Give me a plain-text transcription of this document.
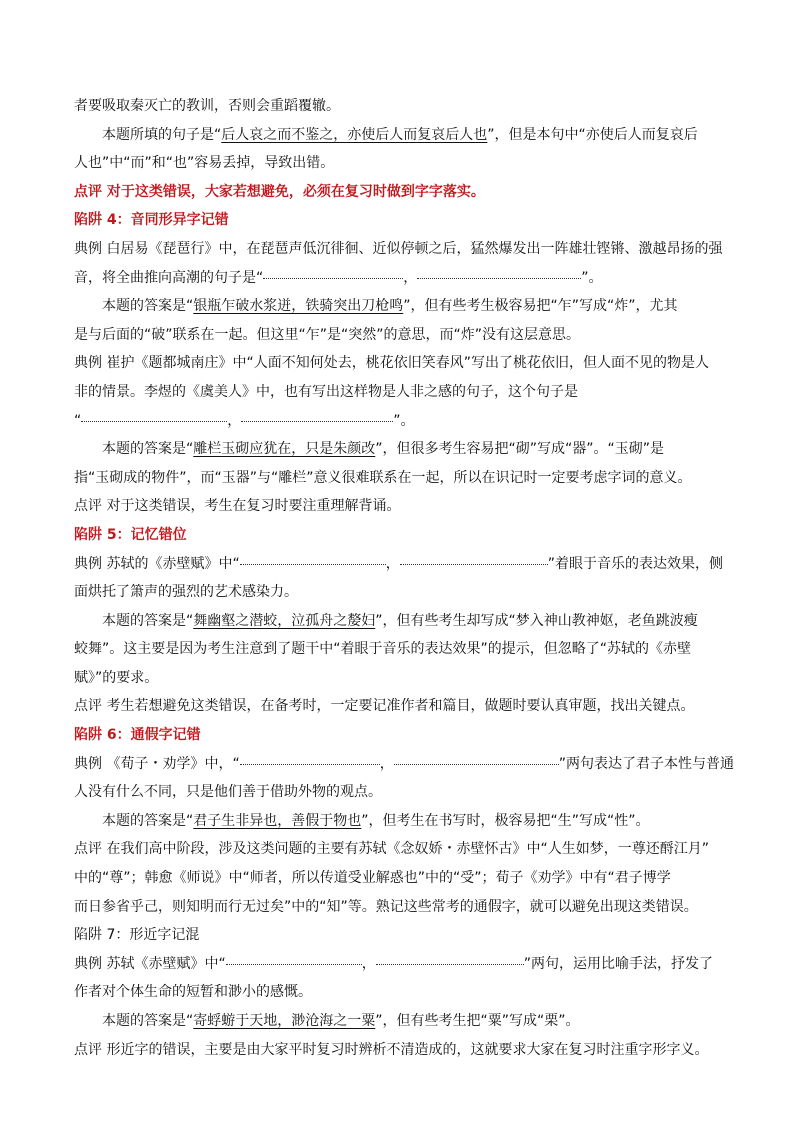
者要吸取秦灭亡的教训，否则会重蹈覆辙。
本题所填的句子是“后人哀之而不鉴之，亦使后人而复哀后人也”，但是本句中“亦使后人而复哀后
人也”中“而”和“也”容易丢掉，导致出错。
点评 对于这类错误，大家若想避免，必须在复习时做到字字落实。
陷阱 4：音同形异字记错
典例 白居易《琵琶行》中，在琵琶声低沉徘徊、近似停顿之后，猛然爆发出一阵雄壮铿锵、激越昂扬的强
音，将全曲推向高潮的句子是“	，	”。
本题的答案是“银瓶乍破水浆迸，铁骑突出刀枪鸣”，但有些考生极容易把“乍”写成“炸”，尤其
是与后面的“破”联系在一起。但这里“乍”是“突然”的意思，而“炸”没有这层意思。
典例 崔护《题都城南庄》中“人面不知何处去，桃花依旧笑春风”写出了桃花依旧，但人面不见的物是人
非的情景。李煜的《虞美人》中，也有写出这样物是人非之感的句子，这个句子是
“	，	”。
本题的答案是“雕栏玉砌应犹在，只是朱颜改”，但很多考生容易把“砌”写成“器”。“玉砌”是
指“玉砌成的物件”，而“玉器”与“雕栏”意义很难联系在一起，所以在识记时一定要考虑字词的意义。
点评 对于这类错误，考生在复习时要注重理解背诵。
陷阱 5：记忆错位
典例 苏轼的《赤壁赋》中“	，	”着眼于音乐的表达效果，侧
面烘托了箫声的强烈的艺术感染力。
本题的答案是“舞幽壑之潜蛟，泣孤舟之嫠妇”，但有些考生却写成“梦入神山教神妪，老鱼跳波瘦
蛟舞”。这主要是因为考生注意到了题干中“着眼于音乐的表达效果”的提示，但忽略了“苏轼的《赤壁
赋》”的要求。
点评 考生若想避免这类错误，在备考时，一定要记准作者和篇目，做题时要认真审题，找出关键点。
陷阱 6：通假字记错
典例 《荀子・劝学》中，“	，	”两句表达了君子本性与普通
人没有什么不同，只是他们善于借助外物的观点。
本题的答案是“君子生非异也，善假于物也”，但考生在书写时，极容易把“生”写成“性”。
点评 在我们高中阶段，涉及这类问题的主要有苏轼《念奴娇・赤壁怀古》中“人生如梦，一尊还酹江月”
中的“尊”；韩愈《师说》中“师者，所以传道受业解惑也”中的“受”；荀子《劝学》中有“君子博学
而日参省乎己，则知明而行无过矣”中的“知”等。熟记这些常考的通假字，就可以避免出现这类错误。
陷阱 7：形近字记混
典例 苏轼《赤壁赋》中“	，	”两句，运用比喻手法，抒发了
作者对个体生命的短暂和渺小的感慨。
本题的答案是“寄蜉蝣于天地，渺沧海之一粟”，但有些考生把“粟”写成“栗”。
点评 形近字的错误，主要是由大家平时复习时辨析不清造成的，这就要求大家在复习时注重字形字义。
